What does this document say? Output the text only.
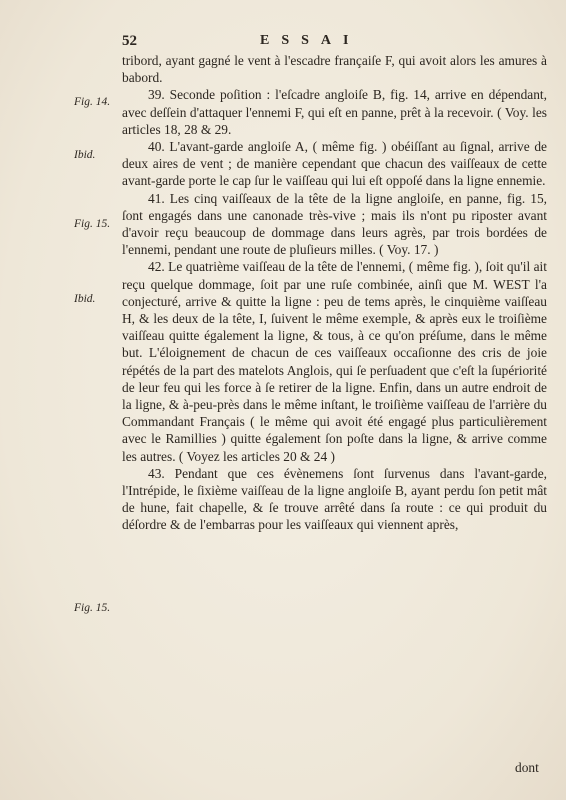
52	ESSAI
Fig. 14.
Ibid.
Fig. 15.
Ibid.
Fig. 15.

tribord, ayant gagné le vent à l'escadre françaiſe F, qui avoit alors les amures à babord.

39. Seconde poſition : l'eſcadre angloiſe B, fig. 14, arrive en dépendant, avec deſſein d'attaquer l'ennemi F, qui eſt en panne, prêt à la recevoir. ( Voy. les articles 18, 28 & 29.

40. L'avant-garde angloiſe A, ( même fig. ) obéiſſant au ſignal, arrive de deux aires de vent ; de manière cependant que chacun des vaiſſeaux de cette avant-garde porte le cap ſur le vaiſſeau qui lui eſt oppoſé dans la ligne ennemie.

41. Les cinq vaiſſeaux de la tête de la ligne angloiſe, en panne, fig. 15, ſont engagés dans une canonade très-vive ; mais ils n'ont pu riposter avant d'avoir reçu beaucoup de dommage dans leurs agrès, par trois bordées de l'ennemi, pendant une route de pluſieurs milles. ( Voy. 17. )

42. Le quatrième vaiſſeau de la tête de l'ennemi, ( même fig. ), ſoit qu'il ait reçu quelque dommage, ſoit par une ruſe combinée, ainſi que M. WEST l'a conjecturé, arrive & quitte la ligne : peu de tems après, le cinquième vaiſſeau H, & les deux de la tête, I, ſuivent le même exemple, & après eux le troiſième vaiſſeau quitte également la ligne, & tous, à ce qu'on préſume, dans le même but. L'éloignement de chacun de ces vaiſſeaux occaſionne des cris de joie répétés de la part des matelots Anglois, qui ſe perſuadent que c'eſt la ſupériorité de leur feu qui les force à ſe retirer de la ligne. Enfin, dans un autre endroit de la ligne, & à-peu-près dans le même inſtant, le troiſième vaiſſeau de l'arrière du Commandant Français ( le même qui avoit été engagé plus particulièrement avec le Ramillies ) quitte également ſon poſte dans la ligne, & arrive comme les autres. ( Voyez les articles 20 & 24 )

43. Pendant que ces évènemens ſont ſurvenus dans l'avant-garde, l'Intrépide, le ſixième vaiſſeau de la ligne angloiſe B, ayant perdu ſon petit mât de hune, fait chapelle, & ſe trouve arrêté dans ſa route : ce qui produit du déſordre & de l'embarras pour les vaiſſeaux qui viennent après,

dont
